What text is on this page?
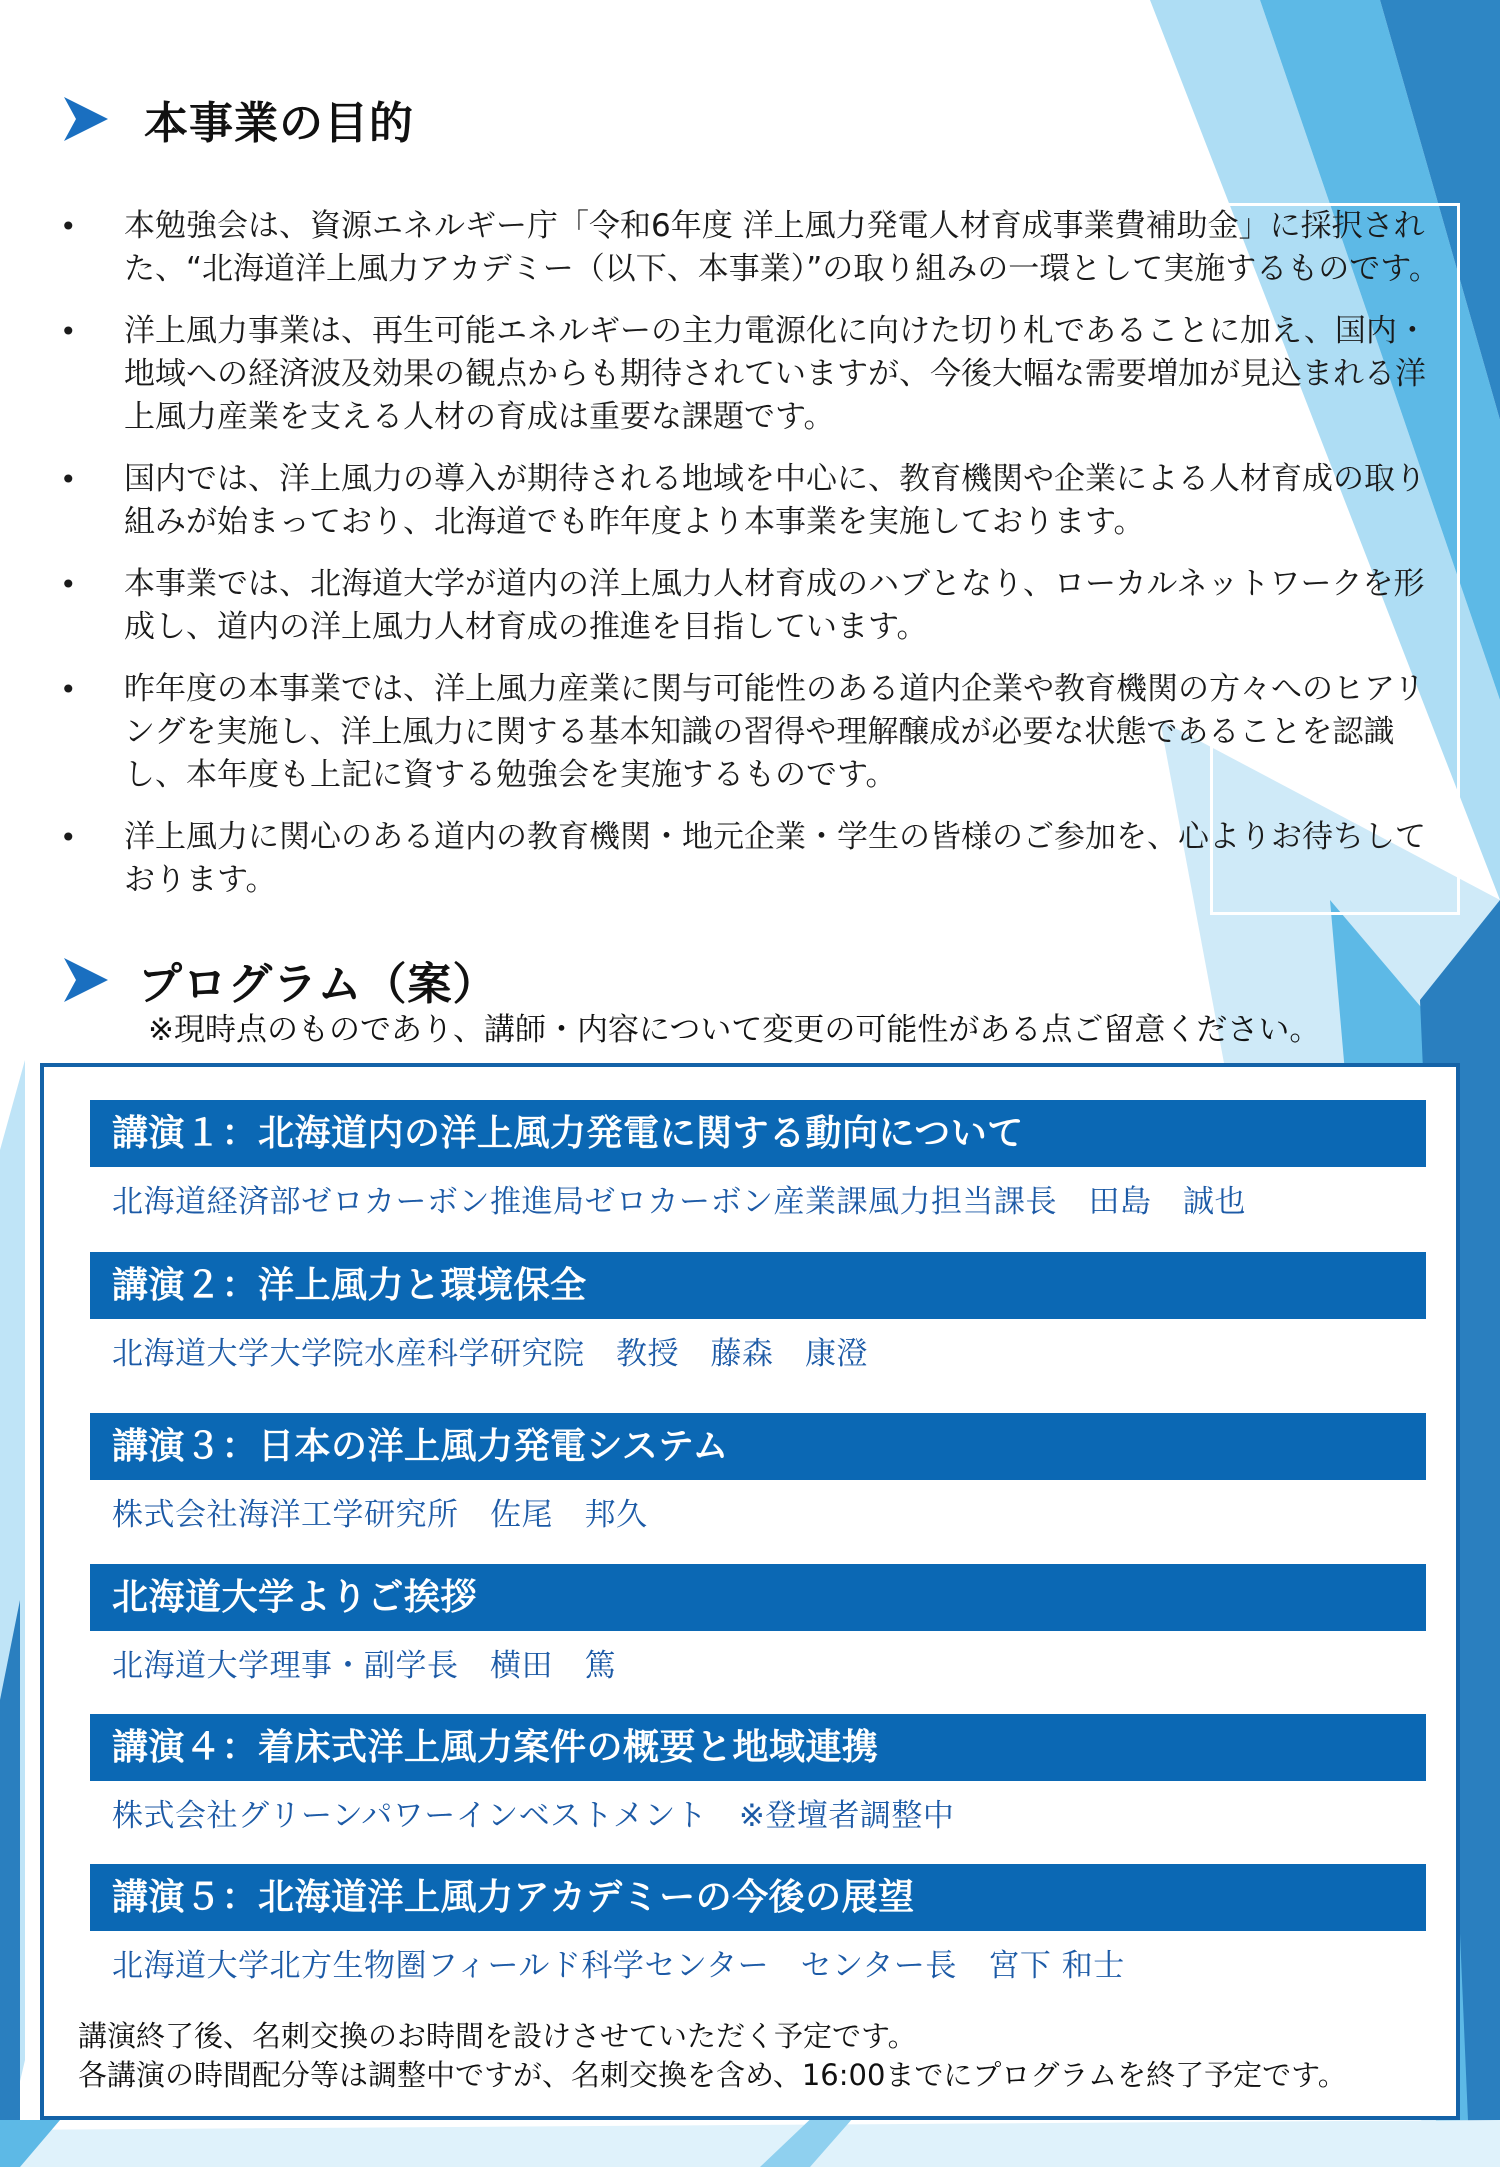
本事業の目的
• 本勉強会は、資源エネルギー庁「令和6年度 洋上風力発電人材育成事業費補助金」に採択された、“北海道洋上風力アカデミー（以下、本事業）”の取り組みの一環として実施するものです。
• 洋上風力事業は、再生可能エネルギーの主力電源化に向けた切り札であることに加え、国内・地域への経済波及効果の観点からも期待されていますが、今後大幅な需要増加が見込まれる洋上風力産業を支える人材の育成は重要な課題です。
• 国内では、洋上風力の導入が期待される地域を中心に、教育機関や企業による人材育成の取り組みが始まっており、北海道でも昨年度より本事業を実施しております。
• 本事業では、北海道大学が道内の洋上風力人材育成のハブとなり、ローカルネットワークを形成し、道内の洋上風力人材育成の推進を目指しています。
• 昨年度の本事業では、洋上風力産業に関与可能性のある道内企業や教育機関の方々へのヒアリングを実施し、洋上風力に関する基本知識の習得や理解醸成が必要な状態であることを認識し、本年度も上記に資する勉強会を実施するものです。
• 洋上風力に関心のある道内の教育機関・地元企業・学生の皆様のご参加を、心よりお待ちしております。
プログラム（案）
※現時点のものであり、講師・内容について変更の可能性がある点ご留意ください。
講演１：北海道内の洋上風力発電に関する動向について
北海道経済部ゼロカーボン推進局ゼロカーボン産業課風力担当課長　田島　誠也
講演２：洋上風力と環境保全
北海道大学大学院水産科学研究院　教授　藤森　康澄
講演３：日本の洋上風力発電システム
株式会社海洋工学研究所　佐尾　邦久
北海道大学よりご挨拶
北海道大学理事・副学長　横田　篤
講演４：着床式洋上風力案件の概要と地域連携
株式会社グリーンパワーインベストメント　※登壇者調整中
講演５：北海道洋上風力アカデミーの今後の展望
北海道大学北方生物圏フィールド科学センター　センター長　宮下 和士
講演終了後、名刺交換のお時間を設けさせていただく予定です。
各講演の時間配分等は調整中ですが、名刺交換を含め、16:00までにプログラムを終了予定です。
